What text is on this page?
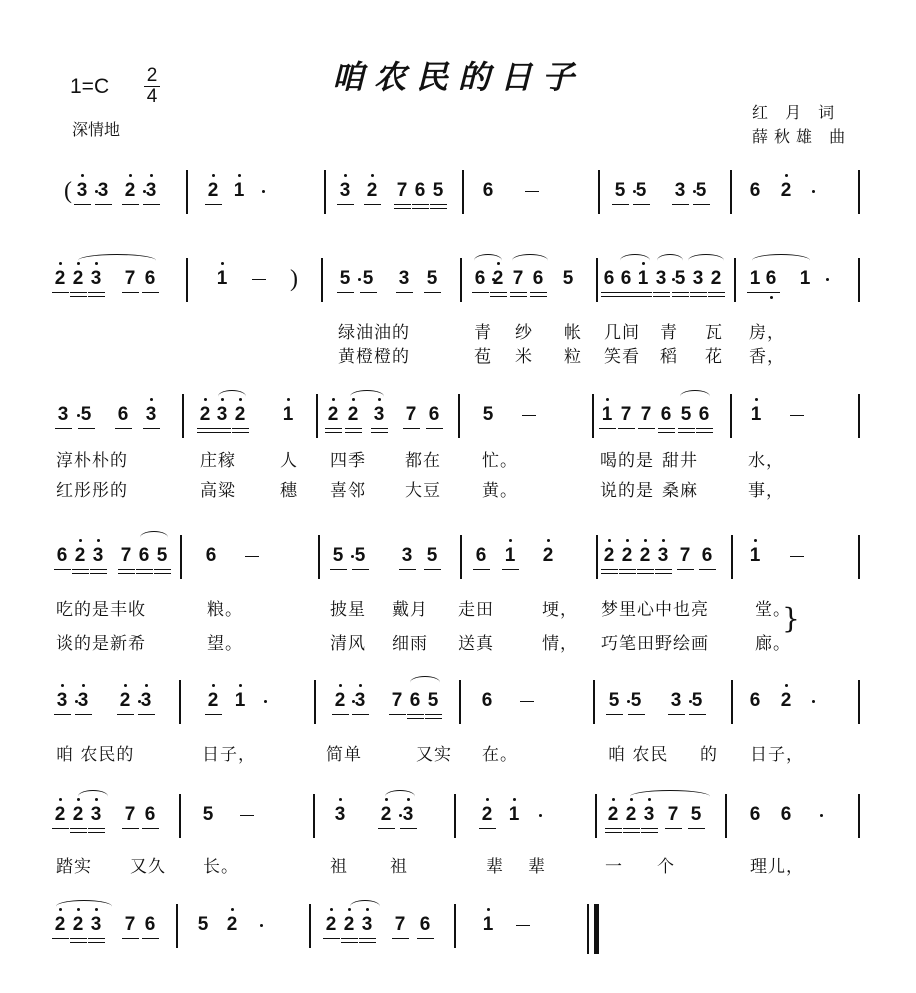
咱农民的日子
1=C 2
4
深情地
红 月 词
薛秋雄 曲
( 3 3 2 3	2 1	3 2 7 6 5 6	5 5 3 5 6 2
2 2 3 7 6	1	) 5 5 3 5 6 2 7 6 5 6 6 1 3 5 3 2 1 6 1
3 5 6 3 2 3 2 1 2 2 3 7 6 5	1 7 7 6 5 6 1
6 2 3 7 6 5 6	5 5 3 5 6 1 2	2 2 2 3 7 6 1
3 3 2 3	2 1	2 3 7 6 5 6	5 5 3 5 6 2
2 2 3 7 6 5	3 2 3	2 1	2 2 3 7 5	6 6
2 2 3 7 6 5 2	2 2 3 7 6	1
绿油油的	青 纱 帐 几间 青 瓦 房，
黄橙橙的	苞 米 粒 笑看 稻 花 香，
淳朴朴的	庄稼	人 四季 都在 忙。	喝的是 甜井	水，
红彤彤的	高粱	穗 喜邻 大豆 黄。	说的是 桑麻	事，
吃的是丰收	粮。	披星 戴月 走田	埂， 梦里心中也亮	堂。
谈的是新希	望。	清风 细雨 送真	情， 巧笔田野绘画	廊。
咱 农民的	日子，	简单	又实 在。	咱 农民 的 日子，
踏实 又久 长。	祖 祖	辈 辈	一 个	理儿，
}
